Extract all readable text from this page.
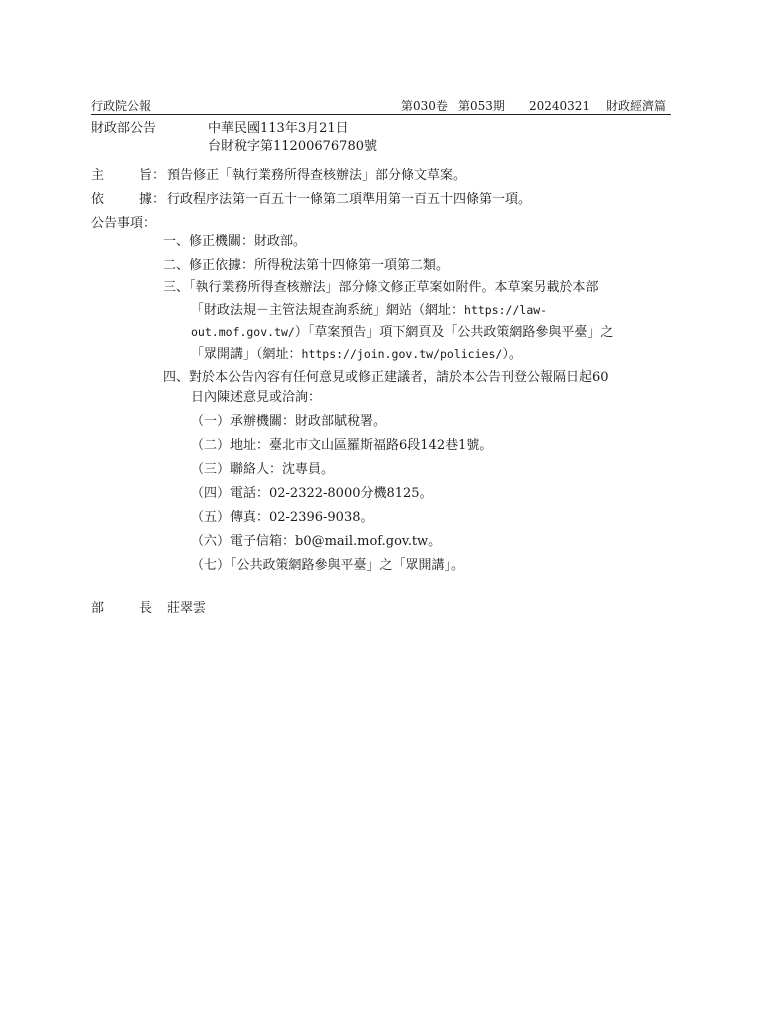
行政院公報	第030卷 第053期 20240321 財政經濟篇
財政部公告	中華民國113年3月21日
台財稅字第11200676780號
主	旨： 預告修正「執行業務所得查核辦法」部分條文草案。
依	據： 行政程序法第一百五十一條第二項準用第一百五十四條第一項。
公告事項：
一、修正機關：財政部。
二、修正依據：所得稅法第十四條第一項第二類。
三、「執行業務所得查核辦法」部分條文修正草案如附件。本草案另載於本部
「財政法規－主管法規查詢系統」網站（網址：https://law-
out.mof.gov.tw/）「草案預告」項下網頁及「公共政策網路參與平臺」之
「眾開講」（網址：https://join.gov.tw/policies/）。
四、對於本公告內容有任何意見或修正建議者，請於本公告刊登公報隔日起60
日內陳述意見或洽詢：
（一）承辦機關：財政部賦稅署。
（二）地址：臺北市文山區羅斯福路6段142巷1號。
（三）聯絡人：沈專員。
（四）電話：02-2322-8000分機8125。
（五）傳真：02-2396-9038。
（六）電子信箱：b0@mail.mof.gov.tw。
（七）「公共政策網路參與平臺」之「眾開講」。
部	長 莊翠雲
